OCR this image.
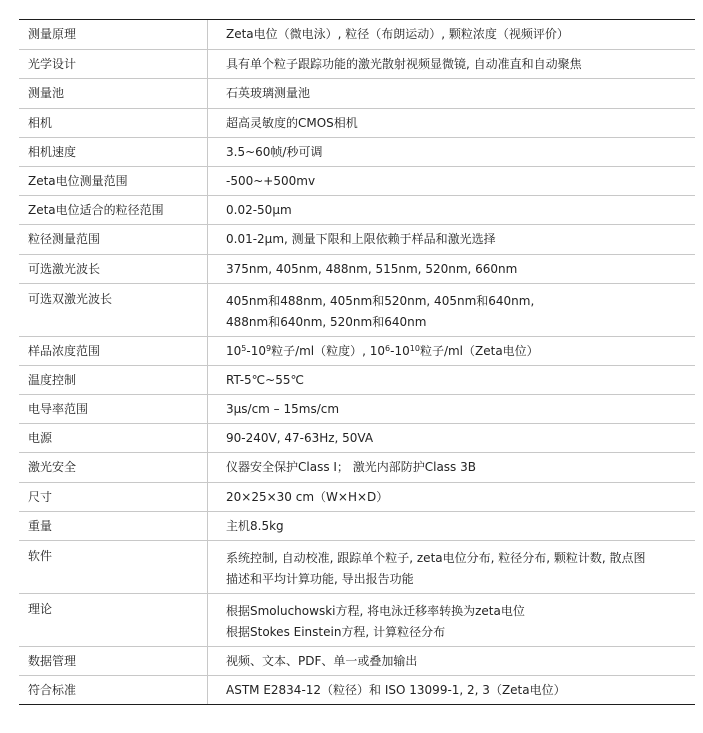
测量原理	Zeta电位（微电泳）, 粒径（布朗运动）, 颗粒浓度（视频评价）
光学设计	具有单个粒子跟踪功能的激光散射视频显微镜, 自动准直和自动聚焦
测量池	石英玻璃测量池
相机	超高灵敏度的CMOS相机
相机速度	3.5~60帧/秒可调
Zeta电位测量范围	-500~+500mv
Zeta电位适合的粒径范围	0.02-50μm
粒径测量范围	0.01-2μm, 测量下限和上限依赖于样品和激光选择
可选激光波长	375nm, 405nm, 488nm, 515nm, 520nm, 660nm
可选双激光波长	405nm和488nm, 405nm和520nm, 405nm和640nm,
488nm和640nm, 520nm和640nm
样品浓度范围	$10^5-10^9$粒子/ml（粒度）, $10^6-10^{10}$粒子/ml（Zeta电位）
温度控制	RT-5℃~55℃
电导率范围	3μs/cm – 15ms/cm
电源	90-240V, 47-63Hz, 50VA
激光安全	仪器安全保护Class I； 激光内部防护Class 3B
尺寸	20×25×30 cm（W×H×D）
重量	主机8.5kg
软件	系统控制, 自动校准, 跟踪单个粒子, zeta电位分布, 粒径分布, 颗粒计数, 散点图
描述和平均计算功能, 导出报告功能
理论	根据Smoluchowski方程, 将电泳迁移率转换为zeta电位
根据Stokes Einstein方程, 计算粒径分布
数据管理	视频、文本、PDF、单一或叠加输出
符合标准	ASTM E2834-12（粒径）和 ISO 13099-1, 2, 3（Zeta电位）
